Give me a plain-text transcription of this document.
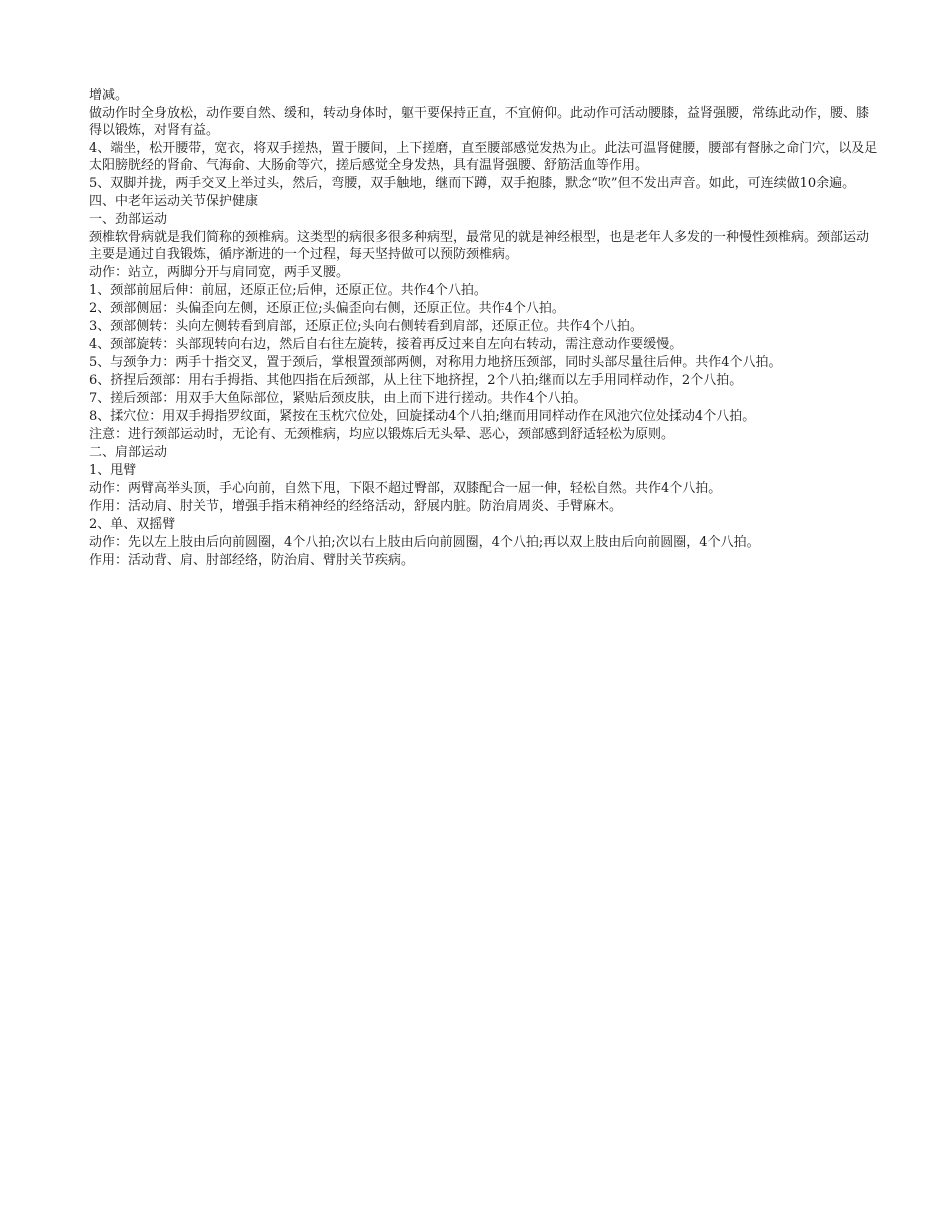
增减。

做动作时全身放松，动作要自然、缓和，转动身体时，躯干要保持正直，不宜俯仰。此动作可活动腰膝，益肾强腰，常练此动作，腰、膝得以锻炼，对肾有益。

4、端坐，松开腰带，宽衣，将双手搓热，置于腰间，上下搓磨，直至腰部感觉发热为止。此法可温肾健腰，腰部有督脉之命门穴，以及足太阳膀胱经的肾俞、气海俞、大肠俞等穴，搓后感觉全身发热，具有温肾强腰、舒筋活血等作用。

5、双脚并拢，两手交叉上举过头，然后，弯腰，双手触地，继而下蹲，双手抱膝，默念“吹”但不发出声音。如此，可连续做10余遍。

四、中老年运动关节保护健康

一、劲部运动

颈椎软骨病就是我们简称的颈椎病。这类型的病很多很多种病型，最常见的就是神经根型，也是老年人多发的一种慢性颈椎病。颈部运动主要是通过自我锻炼，循序渐进的一个过程，每天坚持做可以预防颈椎病。

动作：站立，两脚分开与肩同宽，两手叉腰。

1、颈部前屈后伸：前屈，还原正位;后伸，还原正位。共作4个八拍。

2、颈部侧屈：头偏歪向左侧，还原正位;头偏歪向右侧，还原正位。共作4个八拍。

3、颈部侧转：头向左侧转看到肩部，还原正位;头向右侧转看到肩部，还原正位。共作4个八拍。

4、颈部旋转：头部现转向右边，然后自右往左旋转，接着再反过来自左向右转动，需注意动作要缓慢。

5、与颈争力：两手十指交叉，置于颈后，掌根置颈部两侧，对称用力地挤压颈部，同时头部尽量往后伸。共作4个八拍。

6、挤捏后颈部：用右手拇指、其他四指在后颈部，从上往下地挤捏，2个八拍;继而以左手用同样动作，2个八拍。

7、搓后颈部：用双手大鱼际部位，紧贴后颈皮肤，由上而下进行搓动。共作4个八拍。

8、揉穴位：用双手拇指罗纹面，紧按在玉枕穴位处，回旋揉动4个八拍;继而用同样动作在风池穴位处揉动4个八拍。

注意：进行颈部运动时，无论有、无颈椎病，均应以锻炼后无头晕、恶心，颈部感到舒适轻松为原则。

二、肩部运动

1、甩臂

动作：两臂高举头顶，手心向前，自然下甩，下限不超过臀部，双膝配合一屈一伸，轻松自然。共作4个八拍。

作用：活动肩、肘关节，增强手指末稍神经的经络活动，舒展内脏。防治肩周炎、手臂麻木。

2、单、双摇臂

动作：先以左上肢由后向前圆圈，4个八拍;次以右上肢由后向前圆圈，4个八拍;再以双上肢由后向前圆圈，4个八拍。

作用：活动背、肩、肘部经络，防治肩、臂肘关节疾病。
